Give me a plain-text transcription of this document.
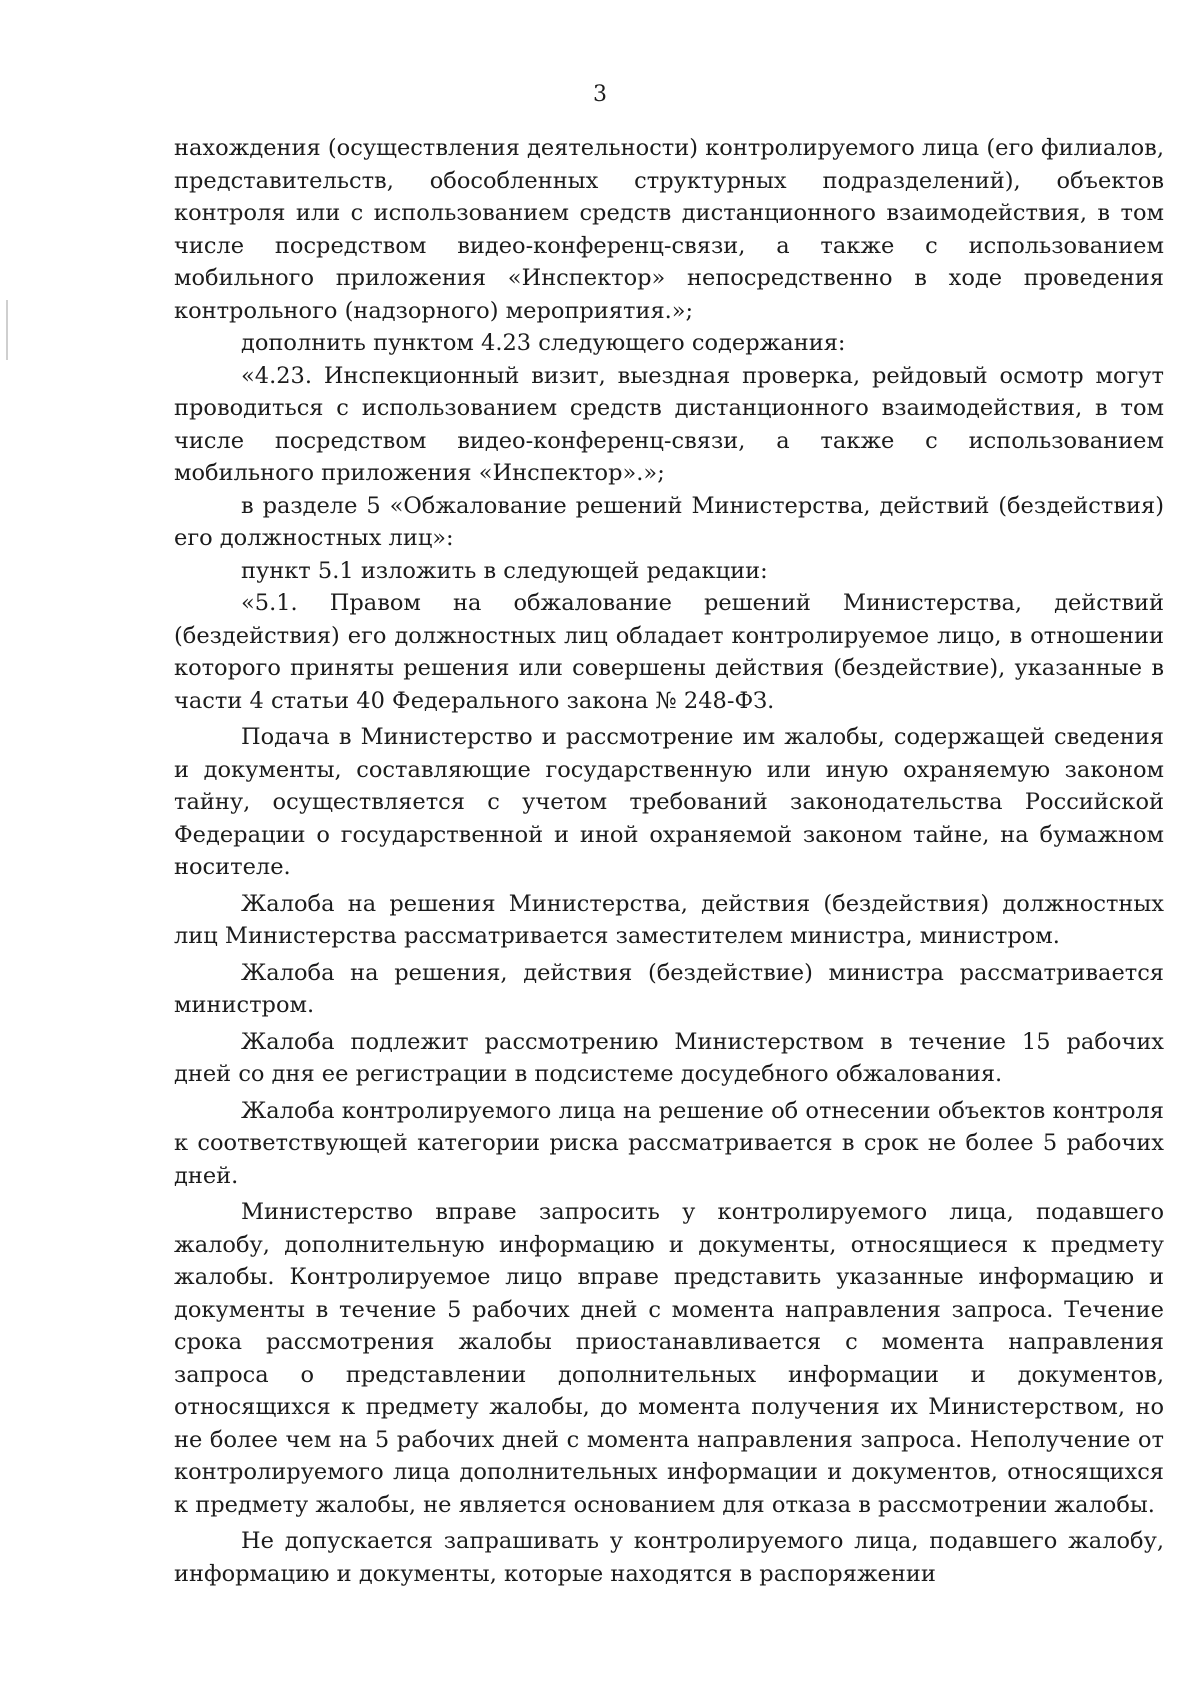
3

нахождения (осуществления деятельности) контролируемого лица (его филиалов, представительств, обособленных структурных подразделений), объектов контроля или с использованием средств дистанционного взаимодействия, в том числе посредством видео-конференц-связи, а также с использованием мобильного приложения «Инспектор» непосредственно в ходе проведения контрольного (надзорного) мероприятия.»;

дополнить пунктом 4.23 следующего содержания:

«4.23. Инспекционный визит, выездная проверка, рейдовый осмотр могут проводиться с использованием средств дистанционного взаимодействия, в том числе посредством видео-конференц-связи, а также с использованием мобильного приложения «Инспектор».»;

в разделе 5 «Обжалование решений Министерства, действий (бездействия) его должностных лиц»:

пункт 5.1 изложить в следующей редакции:

«5.1. Правом на обжалование решений Министерства, действий (бездействия) его должностных лиц обладает контролируемое лицо, в отношении которого приняты решения или совершены действия (бездействие), указанные в части 4 статьи 40 Федерального закона № 248-ФЗ.

Подача в Министерство и рассмотрение им жалобы, содержащей сведения и документы, составляющие государственную или иную охраняемую законом тайну, осуществляется с учетом требований законодательства Российской Федерации о государственной и иной охраняемой законом тайне, на бумажном носителе.

Жалоба на решения Министерства, действия (бездействия) должностных лиц Министерства рассматривается заместителем министра, министром.

Жалоба на решения, действия (бездействие) министра рассматривается министром.

Жалоба подлежит рассмотрению Министерством в течение 15 рабочих дней со дня ее регистрации в подсистеме досудебного обжалования.

Жалоба контролируемого лица на решение об отнесении объектов контроля к соответствующей категории риска рассматривается в срок не более 5 рабочих дней.

Министерство вправе запросить у контролируемого лица, подавшего жалобу, дополнительную информацию и документы, относящиеся к предмету жалобы. Контролируемое лицо вправе представить указанные информацию и документы в течение 5 рабочих дней с момента направления запроса. Течение срока рассмотрения жалобы приостанавливается с момента направления запроса о представлении дополнительных информации и документов, относящихся к предмету жалобы, до момента получения их Министерством, но не более чем на 5 рабочих дней с момента направления запроса. Неполучение от контролируемого лица дополнительных информации и документов, относящихся к предмету жалобы, не является основанием для отказа в рассмотрении жалобы.

Не допускается запрашивать у контролируемого лица, подавшего жалобу, информацию и документы, которые находятся в распоряжении
